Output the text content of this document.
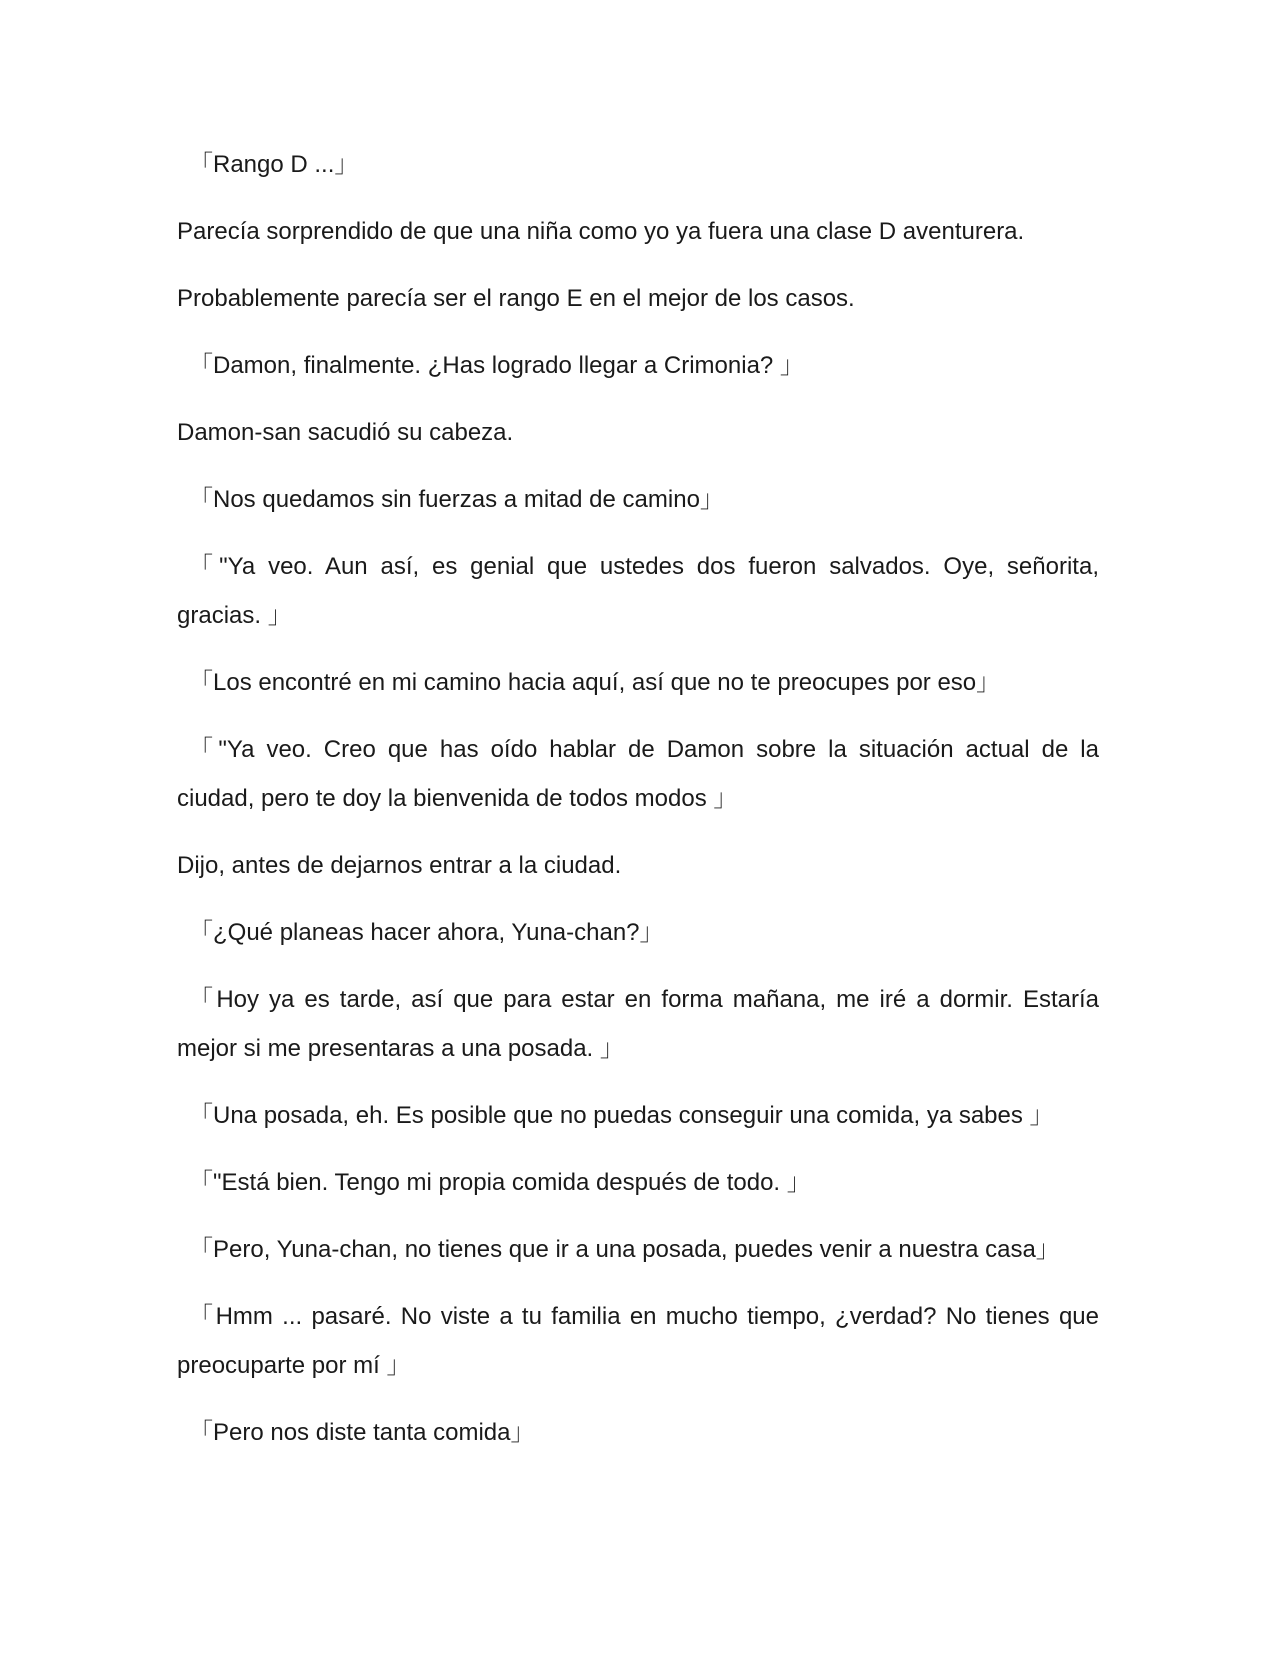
「Rango D ...」

Parecía sorprendido de que una niña como yo ya fuera una clase D aventurera.

Probablemente parecía ser el rango E en el mejor de los casos.

「Damon, finalmente. ¿Has logrado llegar a Crimonia? 」

Damon-san sacudió su cabeza.

「Nos quedamos sin fuerzas a mitad de camino」

「"Ya veo. Aun así, es genial que ustedes dos fueron salvados. Oye, señorita, gracias. 」

「Los encontré en mi camino hacia aquí, así que no te preocupes por eso」

「"Ya veo. Creo que has oído hablar de Damon sobre la situación actual de la ciudad, pero te doy la bienvenida de todos modos 」

Dijo, antes de dejarnos entrar a la ciudad.

「¿Qué planeas hacer ahora, Yuna-chan?」

「Hoy ya es tarde, así que para estar en forma mañana, me iré a dormir. Estaría mejor si me presentaras a una posada. 」

「Una posada, eh. Es posible que no puedas conseguir una comida, ya sabes 」

「"Está bien. Tengo mi propia comida después de todo. 」

「Pero, Yuna-chan, no tienes que ir a una posada, puedes venir a nuestra casa」

「Hmm ... pasaré. No viste a tu familia en mucho tiempo, ¿verdad? No tienes que preocuparte por mí 」

「Pero nos diste tanta comida」
